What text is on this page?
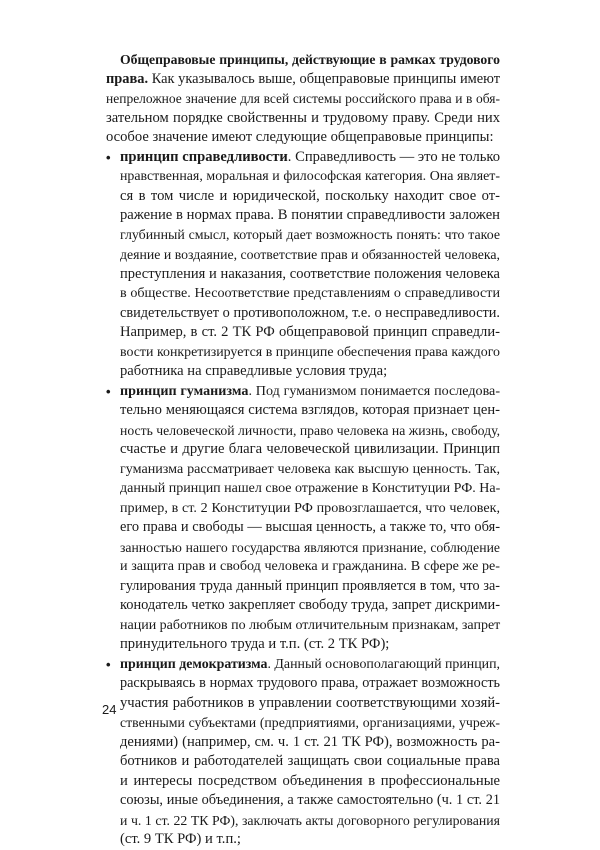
Общеправовые принципы, действующие в рамках трудового
права. Как указывалось выше, общеправовые принципы имеют
непреложное значение для всей системы российского права и в обя-
зательном порядке свойственны и трудовому праву. Среди них
особое значение имеют следующие общеправовые принципы:
• принцип справедливости. Справедливость — это не только
нравственная, моральная и философская категория. Она являет-
ся в том числе и юридической, поскольку находит свое от-
ражение в нормах права. В понятии справедливости заложен
глубинный смысл, который дает возможность понять: что такое
деяние и воздаяние, соответствие прав и обязанностей человека,
преступления и наказания, соответствие положения человека
в обществе. Несоответствие представлениям о справедливости
свидетельствует о противоположном, т.е. о несправедливости.
Например, в ст. 2 ТК РФ общеправовой принцип справедли-
вости конкретизируется в принципе обеспечения права каждого
работника на справедливые условия труда;
• принцип гуманизма. Под гуманизмом понимается последова-
тельно меняющаяся система взглядов, которая признает цен-
ность человеческой личности, право человека на жизнь, свободу,
счастье и другие блага человеческой цивилизации. Принцип
гуманизма рассматривает человека как высшую ценность. Так,
данный принцип нашел свое отражение в Конституции РФ. На-
пример, в ст. 2 Конституции РФ провозглашается, что человек,
его права и свободы — высшая ценность, а также то, что обя-
занностью нашего государства являются признание, соблюдение
и защита прав и свобод человека и гражданина. В сфере же ре-
гулирования труда данный принцип проявляется в том, что за-
конодатель четко закрепляет свободу труда, запрет дискрими-
нации работников по любым отличительным признакам, запрет
принудительного труда и т.п. (ст. 2 ТК РФ);
• принцип демократизма. Данный основополагающий принцип,
раскрываясь в нормах трудового права, отражает возможность
участия работников в управлении соответствующими хозяй-
ственными субъектами (предприятиями, организациями, учреж-
дениями) (например, см. ч. 1 ст. 21 ТК РФ), возможность ра-
ботников и работодателей защищать свои социальные права
и интересы посредством объединения в профессиональные
союзы, иные объединения, а также самостоятельно (ч. 1 ст. 21
и ч. 1 ст. 22 ТК РФ), заключать акты договорного регулирования
(ст. 9 ТК РФ) и т.п.;
24
